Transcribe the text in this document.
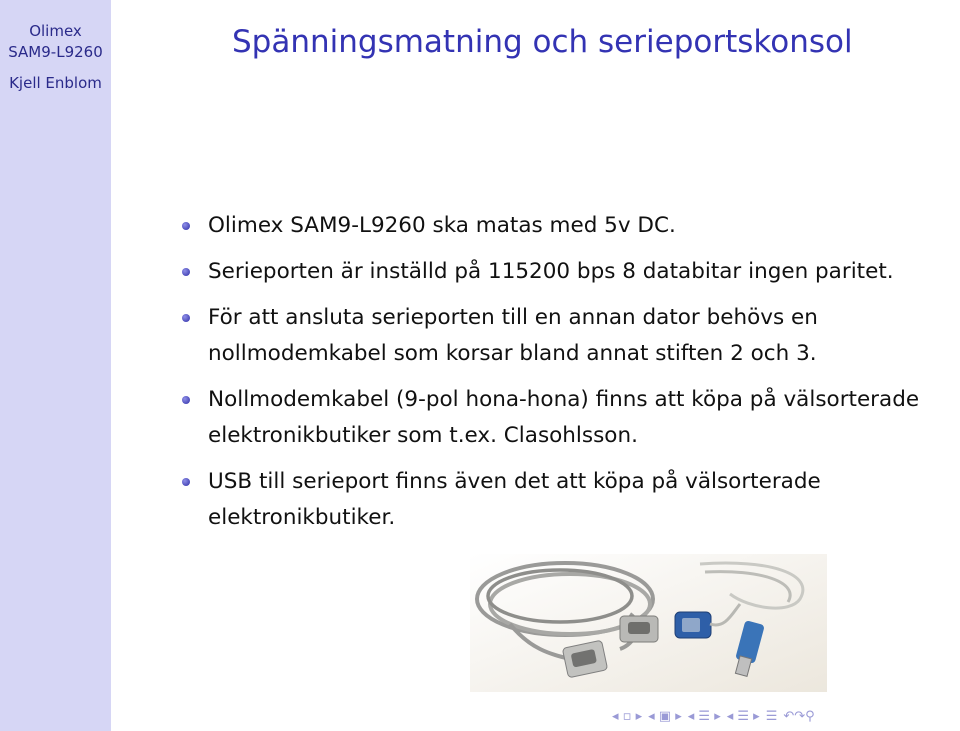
Olimex
SAM9-L9260
Kjell Enblom
Spänningsmatning och serieportskonsol
Olimex SAM9-L9260 ska matas med 5v DC.
Serieporten är inställd på 115200 bps 8 databitar ingen paritet.
För att ansluta serieporten till en annan dator behövs en nollmodemkabel som korsar bland annat stiften 2 och 3.
Nollmodemkabel (9-pol hona-hona) finns att köpa på välsorterade elektronikbutiker som t.ex. Clasohlsson.
USB till serieport finns även det att köpa på välsorterade elektronikbutiker.
◂ ▫ ▸ ◂ ▣ ▸ ◂ ☰ ▸ ◂ ☰ ▸ ☰ ↶↷⚲
